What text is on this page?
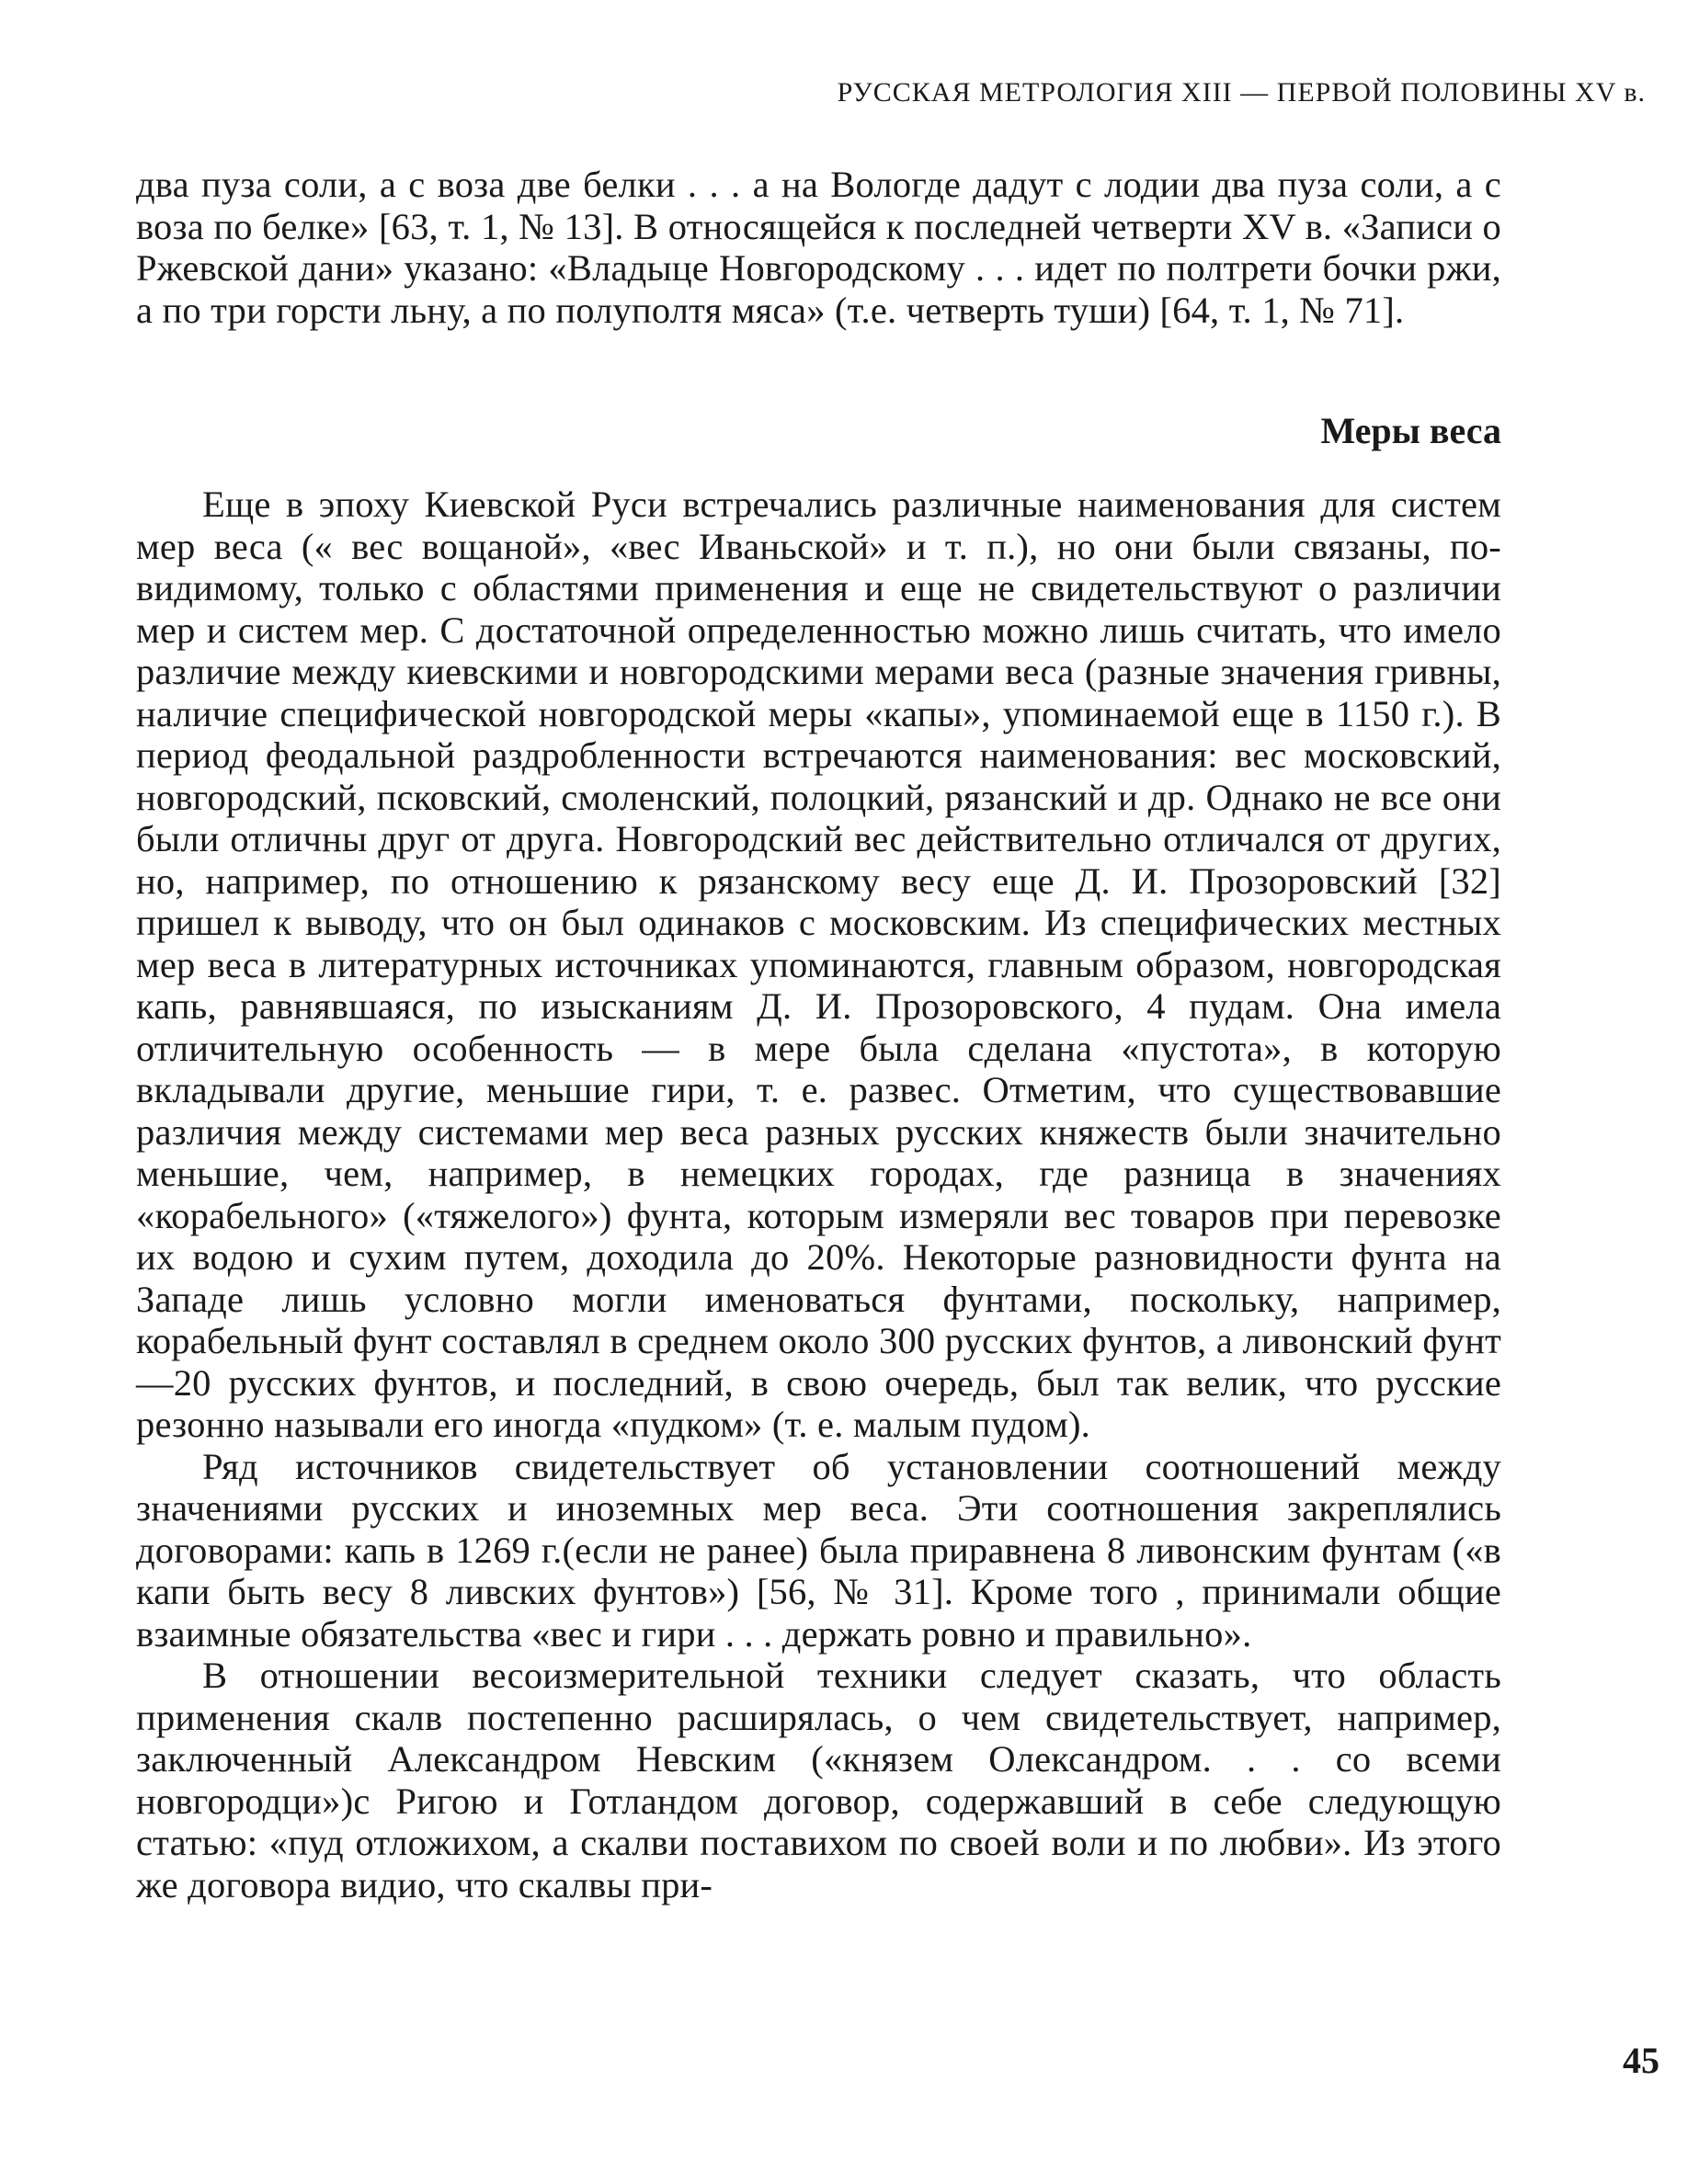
РУССКАЯ МЕТРОЛОГИЯ XIII — ПЕРВОЙ ПОЛОВИНЫ XV в.

два пуза соли, а с воза две белки . . . а на Вологде дадут с лодии два пуза соли, а с воза по белке» [63, т. 1, № 13]. В относящейся к последней четверти XV в. «Записи о Ржевской дани» указано: «Владыце Новгородскому . . . идет по полтрети бочки ржи, а по три горсти льну, а по полуполтя мяса» (т.е. четверть туши) [64, т. 1, № 71].

Меры веса

Еще в эпоху Киевской Руси встречались различные наименования для систем мер веса (« вес вощаной», «вес Иваньской» и т. п.), но они были связаны, по-видимому, только с областями применения и еще не свидетельствуют о различии мер и систем мер. С достаточной определенностью можно лишь считать, что имело различие между киевскими и новгородскими мерами веса (разные значения гривны, наличие специфической новгородской меры «капы», упоминаемой еще в 1150 г.). В период феодальной раздробленности встречаются наименования: вес московский, новгородский, псковский, смоленский, полоцкий, рязанский и др. Однако не все они были отличны друг от друга. Новгородский вес действительно отличался от других, но, например, по отношению к рязанскому весу еще Д. И. Прозоровский [32] пришел к выводу, что он был одинаков с московским. Из специфических местных мер веса в литературных источниках упоминаются, главным образом, новгородская капь, равнявшаяся, по изысканиям Д. И. Прозоровского, 4 пудам. Она имела отличительную особенность — в мере была сделана «пустота», в которую вкладывали другие, меньшие гири, т. е. развес. Отметим, что существовавшие различия между системами мер веса разных русских княжеств были значительно меньшие, чем, например, в немецких городах, где разница в значениях «корабельного» («тяжелого») фунта, которым измеряли вес товаров при перевозке их водою и сухим путем, доходила до 20%. Некоторые разновидности фунта на Западе лишь условно могли именоваться фунтами, поскольку, например, корабельный фунт составлял в среднем около 300 русских фунтов, а ливонский фунт—20 русских фунтов, и последний, в свою очередь, был так велик, что русские резонно называли его иногда «пудком» (т. е. малым пудом).

Ряд источников свидетельствует об установлении соотношений между значениями русских и иноземных мер веса. Эти соотношения закреплялись договорами: капь в 1269 г.(если не ранее) была приравнена 8 ливонским фунтам («в капи быть весу 8 ливских фунтов») [56, № 31]. Кроме того , принимали общие взаимные обязательства «вес и гири . . . держать ровно и правильно».

В отношении весоизмерительной техники следует сказать, что область применения скалв постепенно расширялась, о чем свидетельствует, например, заключенный Александром Невским («князем Олександром. . . со всеми новгородци»)с Ригою и Готландом договор, содержавший в себе следующую статью: «пуд отложихом, а скалви поставихом по своей воли и по любви». Из этого же договора видио, что скалвы при-

45
